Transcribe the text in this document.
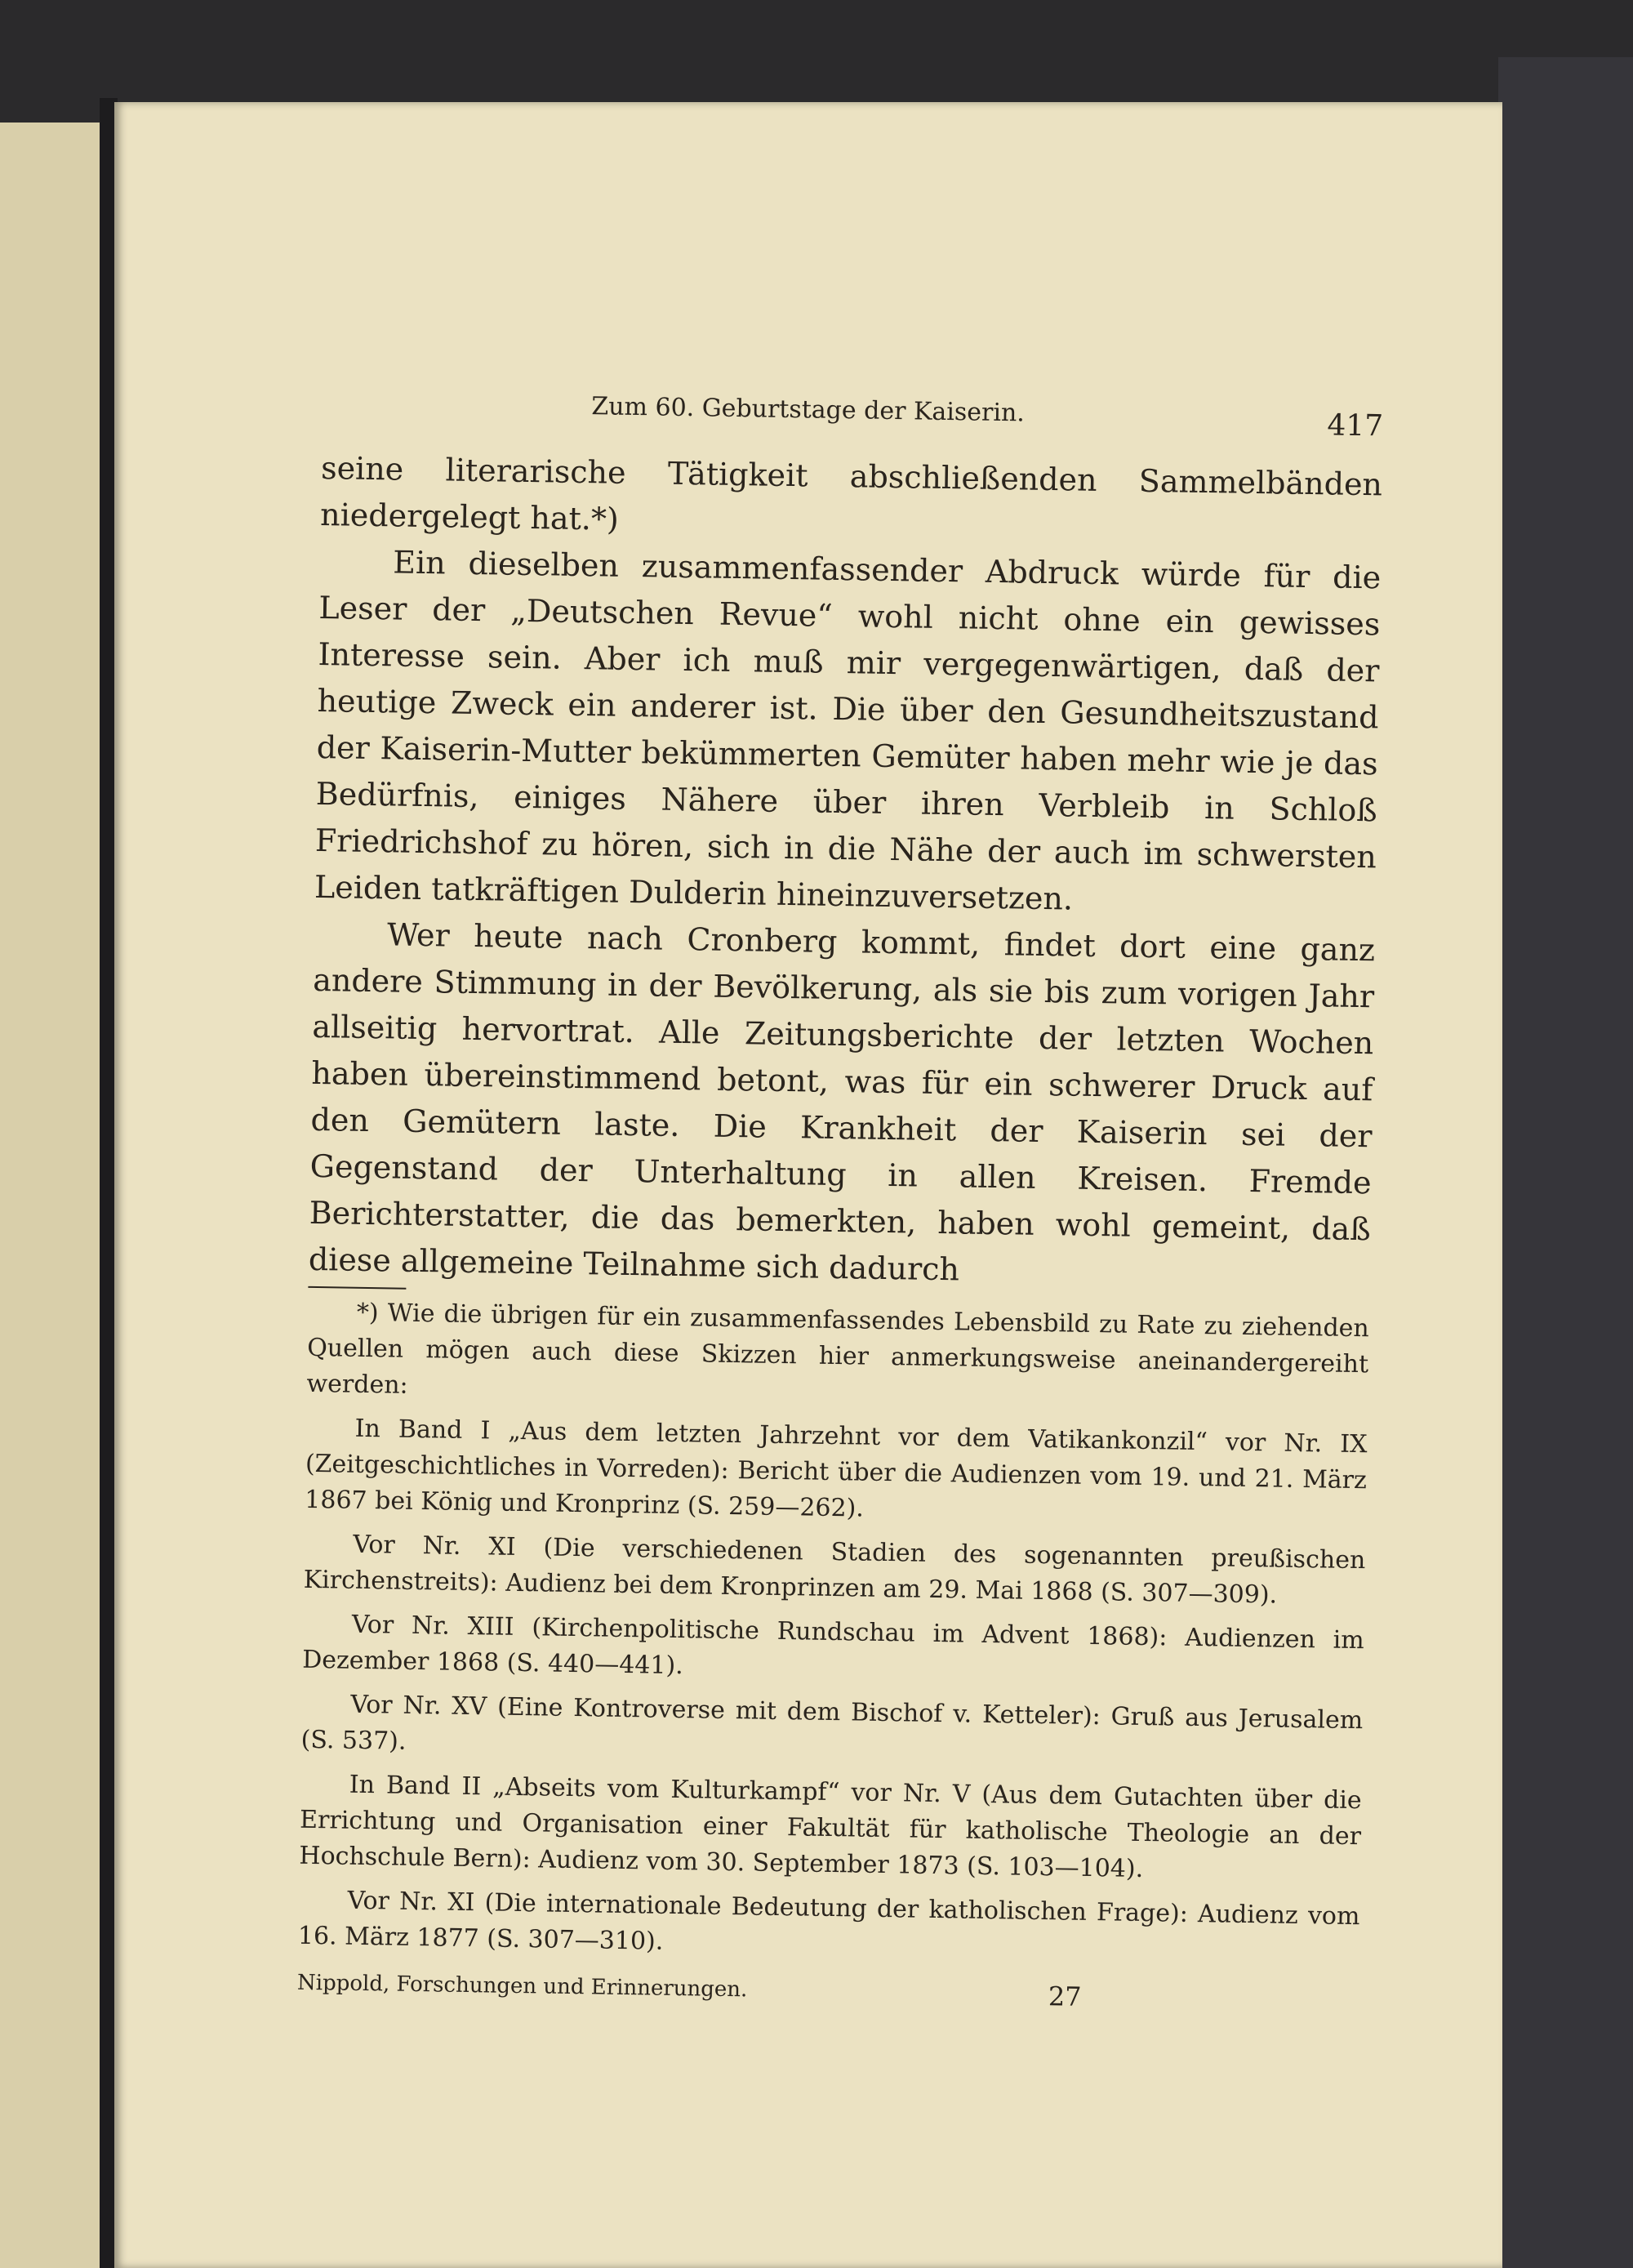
Zum 60. Geburtstage der Kaiserin.	417

seine literarische Tätigkeit abschließenden Sammelbänden niedergelegt hat.*)

Ein dieselben zusammenfassender Abdruck würde für die Leser der „Deutschen Revue“ wohl nicht ohne ein gewisses Interesse sein. Aber ich muß mir vergegenwärtigen, daß der heutige Zweck ein anderer ist. Die über den Gesundheitszustand der Kaiserin-Mutter bekümmerten Gemüter haben mehr wie je das Bedürfnis, einiges Nähere über ihren Verbleib in Schloß Friedrichshof zu hören, sich in die Nähe der auch im schwersten Leiden tatkräftigen Dulderin hineinzuversetzen.

Wer heute nach Cronberg kommt, findet dort eine ganz andere Stimmung in der Bevölkerung, als sie bis zum vorigen Jahr allseitig hervortrat. Alle Zeitungsberichte der letzten Wochen haben übereinstimmend betont, was für ein schwerer Druck auf den Gemütern laste. Die Krankheit der Kaiserin sei der Gegenstand der Unterhaltung in allen Kreisen. Fremde Berichterstatter, die das bemerkten, haben wohl gemeint, daß diese allgemeine Teilnahme sich dadurch

*) Wie die übrigen für ein zusammenfassendes Lebensbild zu Rate zu ziehenden Quellen mögen auch diese Skizzen hier anmerkungsweise aneinandergereiht werden:

In Band I „Aus dem letzten Jahrzehnt vor dem Vatikankonzil“ vor Nr. IX (Zeitgeschichtliches in Vorreden): Bericht über die Audienzen vom 19. und 21. März 1867 bei König und Kronprinz (S. 259—262).

Vor Nr. XI (Die verschiedenen Stadien des sogenannten preußischen Kirchenstreits): Audienz bei dem Kronprinzen am 29. Mai 1868 (S. 307—309).

Vor Nr. XIII (Kirchenpolitische Rundschau im Advent 1868): Audienzen im Dezember 1868 (S. 440—441).

Vor Nr. XV (Eine Kontroverse mit dem Bischof v. Ketteler): Gruß aus Jerusalem (S. 537).

In Band II „Abseits vom Kulturkampf“ vor Nr. V (Aus dem Gutachten über die Errichtung und Organisation einer Fakultät für katholische Theologie an der Hochschule Bern): Audienz vom 30. September 1873 (S. 103—104).

Vor Nr. XI (Die internationale Bedeutung der katholischen Frage): Audienz vom 16. März 1877 (S. 307—310).

Nippold, Forschungen und Erinnerungen.	27
